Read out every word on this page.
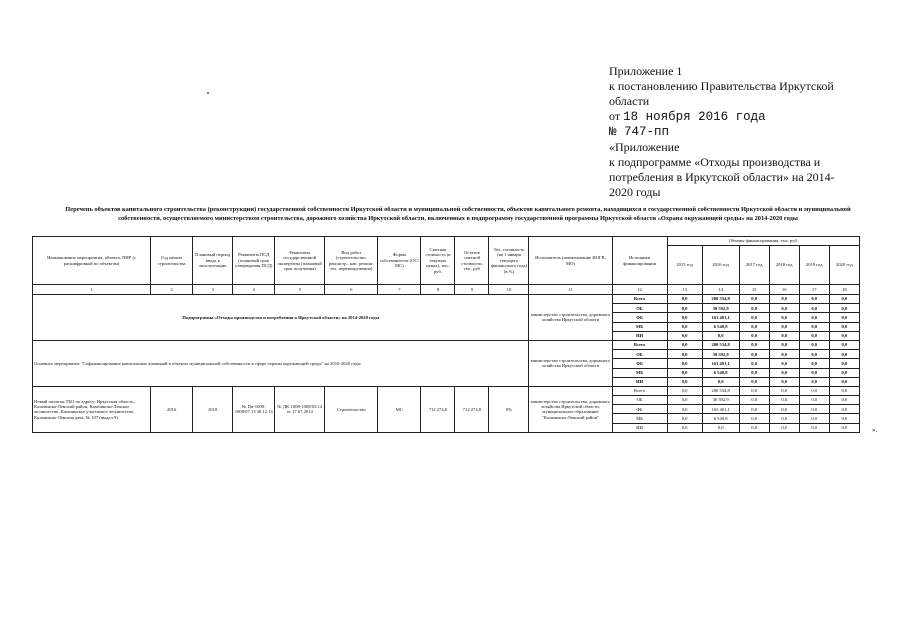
Приложение 1
к постановлению Правительства Иркутской
области
от 18 ноября 2016 года
№ 747-пп
«Приложение
к подпрограмме «Отходы производства и потребления в Иркутской области» на 2014-2020 годы
Перечень объектов капитального строительства (реконструкции) государственной собственности Иркутской области и муниципальной собственности, объектов капитального ремонта, находящихся в государственной собственности Иркутской области и муниципальной собственности, осуществляемого министерством строительства, дорожного хозяйства Иркутской области, включенных в подпрограмму государственной программы Иркутской области «Охрана окружающей среды» на 2014-2020 годы
Наименование мероприятия, объекта, ПИР (с расшифровкой по объектам)	Год начала строительства	Плановый период ввода в эксплуатацию	Реквизиты ПСД (плановый срок утверждения ПСД)	Реквизиты государственной экспертизы (плановый срок получения)	Вид работ (строительство, реконстр., кап. ремонт, тех. перевооружение)	Форма собственности (ОС/МС)	Сметная стоимость (в текущих ценах), тыс. руб.	Остаток сметной стоимости, тыс. руб	Тех. готовность (на 1 января текущего финансового года) (в %)	Исполнитель (наименование ИОГВ, МО)	Источники финансирования	Объемы финансирования, тыс. руб.					
												2015 год	2016 год	2017 год	2018 год	2019 год	2020 год
1	2	3	4	5	6	7	8	9	10	11	12	13	14	15	16	17	18
Подпрограмма «Отходы производства и потребления в Иркутской области» на 2014-2020 годы										министерство строительства, дорожного хозяйства Иркутской области	Всего	0,0	200 534,8	0,0	0,0	0,0	0,0
											ОБ	0,0	30 592,9	0,0	0,0	0,0	0,0
											ФБ	0,0	163 401,1	0,0	0,0	0,0	0,0
											МБ	0,0	6 540,8	0,0	0,0	0,0	0,0
											ИИ	0,0	0,0	0,0	0,0	0,0	0,0
Основное мероприятие "Софинансирование капитальных вложений в объекты муниципальной собственности в сфере охраны окружающей среды" на 2016-2020 годы										министерство строительства, дорожного хозяйства Иркутской области	Всего	0,0	200 534,8	0,0	0,0	0,0	0,0
											ОБ	0,0	30 592,9	0,0	0,0	0,0	0,0
											ФБ	0,0	163 401,1	0,0	0,0	0,0	0,0
											МБ	0,0	6 540,8	0,0	0,0	0,0	0,0
											ИИ	0,0	0,0	0,0	0,0	0,0	0,0
Новый полигон ТБО по адресу: Иркутская область, Казачинско-Ленский район, Казачинско-Ленское лесничество, Казачинское участковое лесничество, Казачинско-Ленская дача, № 107 (выдел 9)	2016	2018	№ Пи-1008-1008/07.13 30.12.13	№ ДК-1008-1008/03.14 от 17.07.2014	Строительство	МС	712 274,8	712 274,8	0%	министерство строительства, дорожного хозяйства Иркутской области, муниципальное образование "Казачинско-Ленский район"	Всего	0,0	200 534,8	0,0	0,0	0,0	0,0
											ОБ	0,0	30 592,9	0,0	0,0	0,0	0,0
											ФБ	0,0	163 401,1	0,0	0,0	0,0	0,0
											МБ	0,0	6 540,8	0,0	0,0	0,0	0,0
											ИИ	0,0	0,0	0,0	0,0	0,0	0,0	».
